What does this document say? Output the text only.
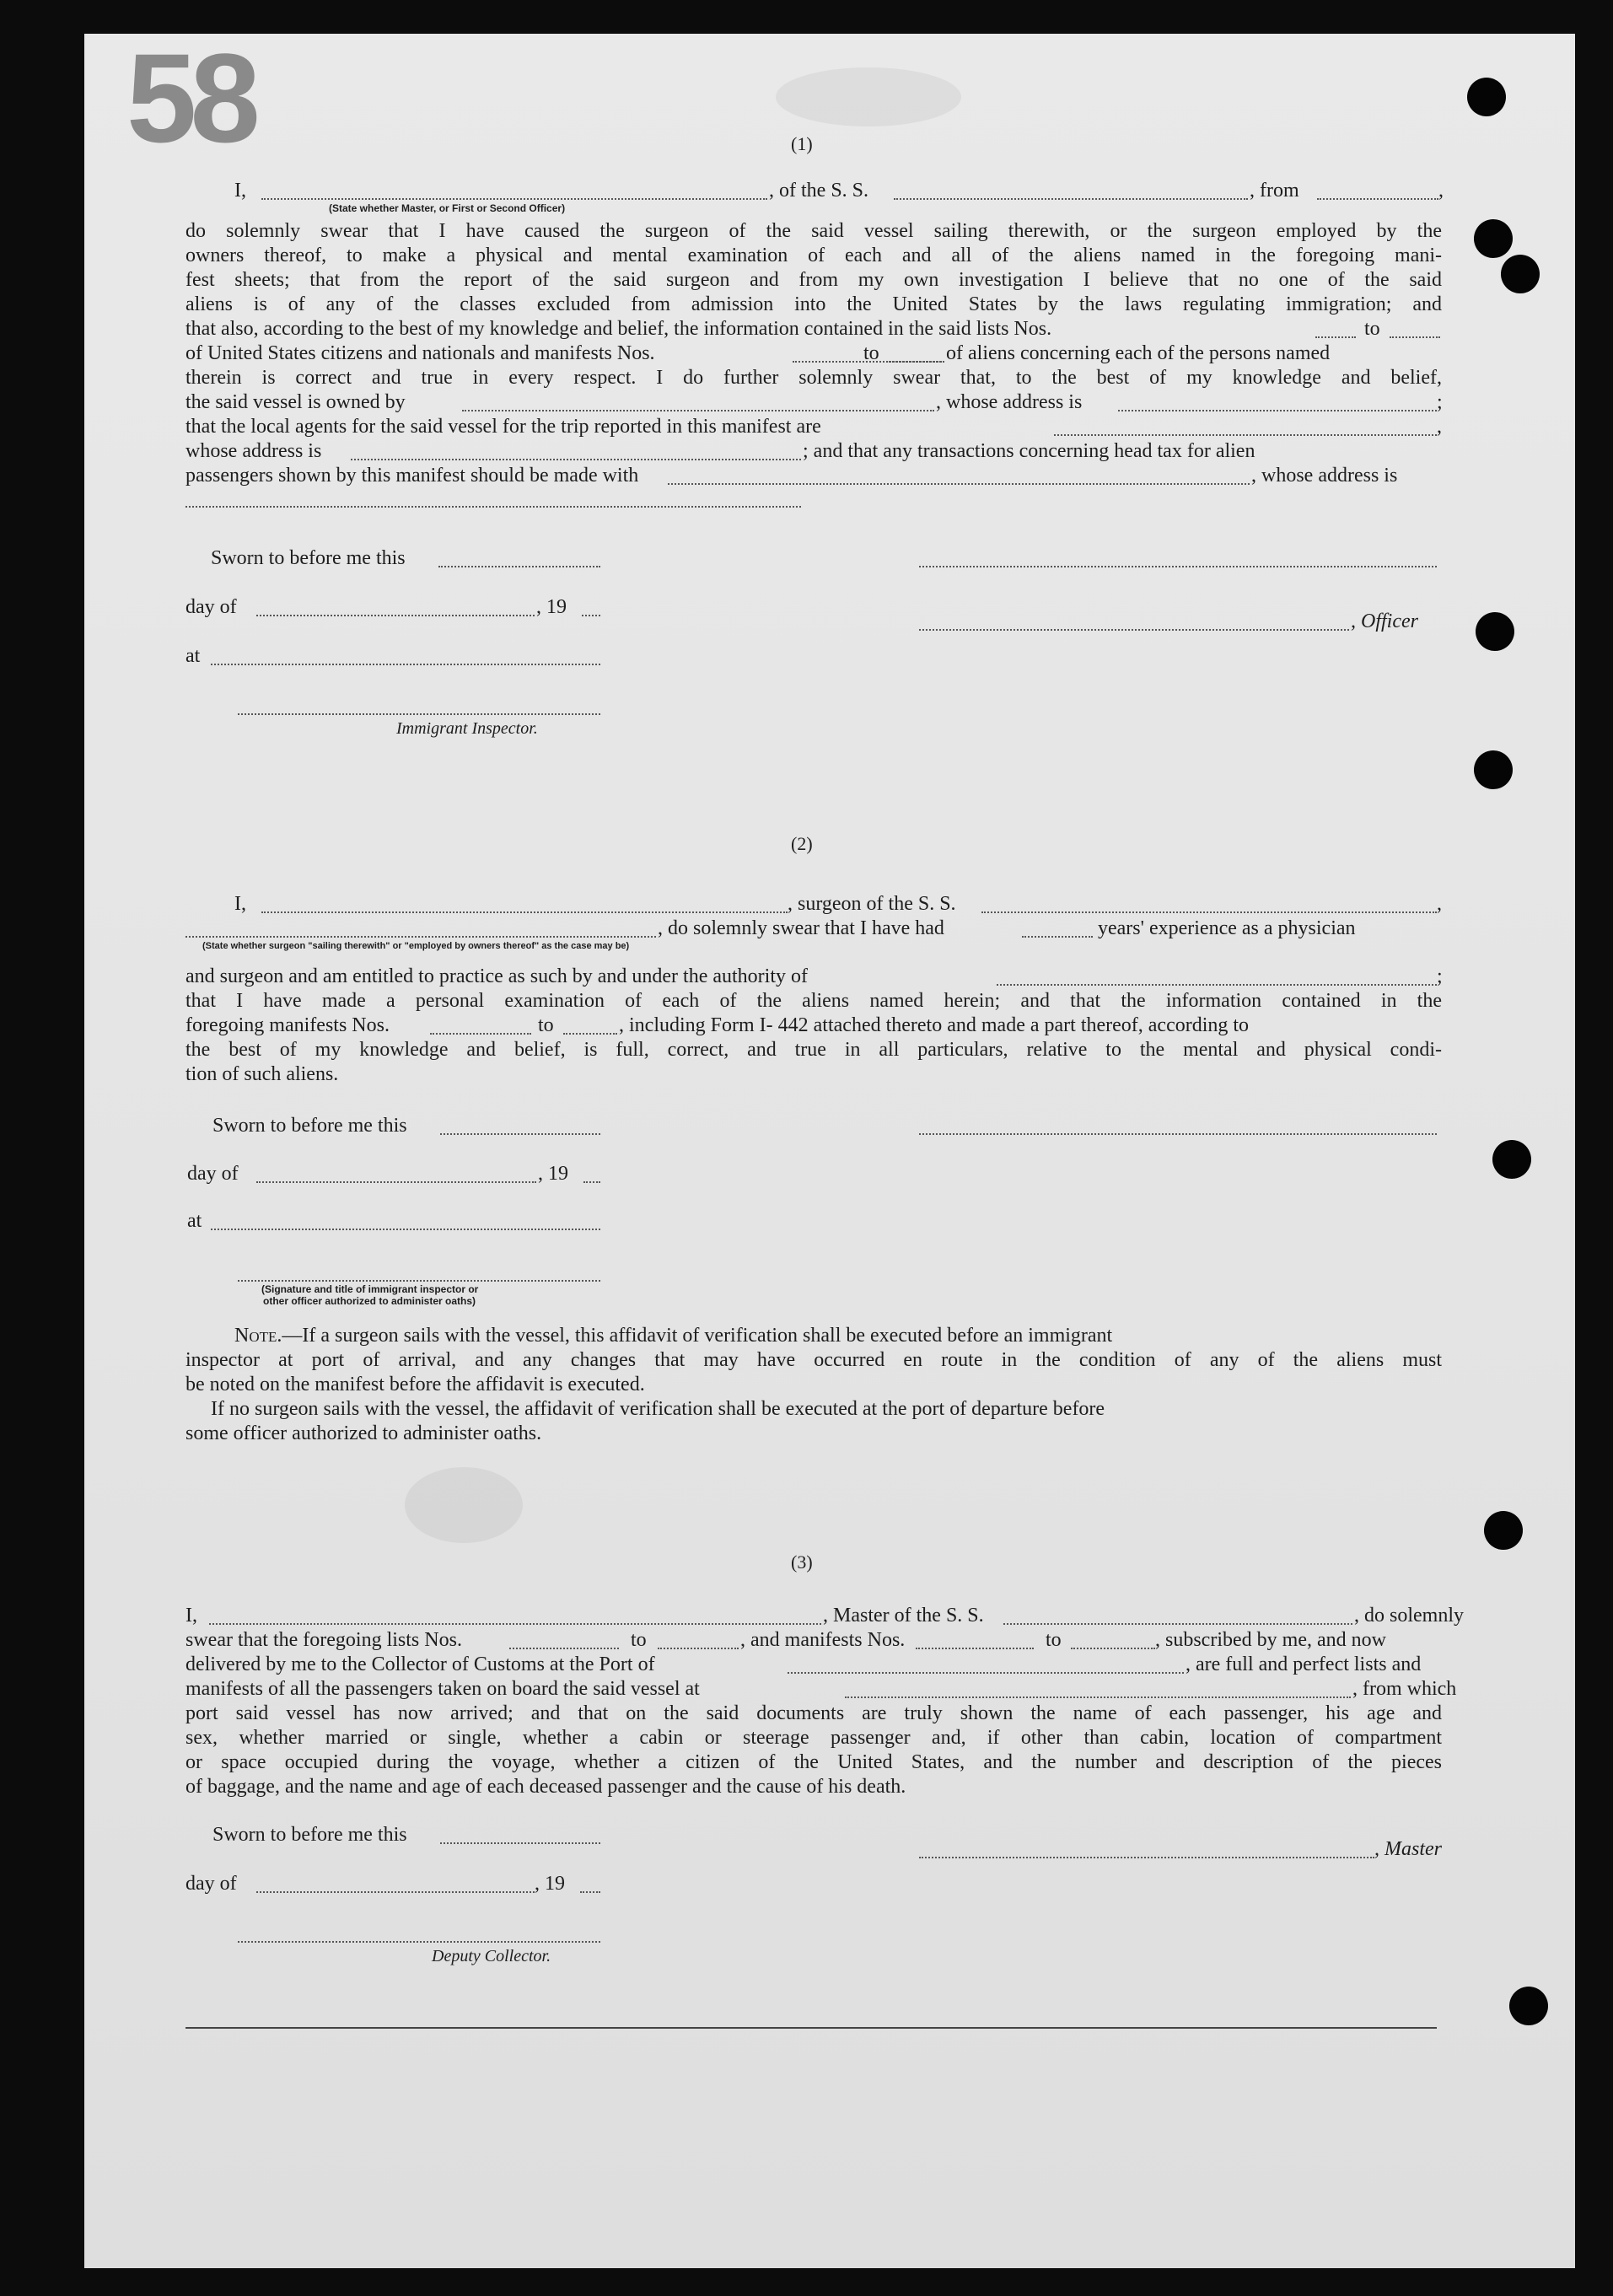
58	(1)
I,
(State whether Master, or First or Second Officer)
, of the S. S.	, from	,
do solemnly swear that I have caused the surgeon of the said vessel sailing therewith, or the surgeon employed by the
owners thereof, to make a physical and mental examination of each and all of the aliens named in the foregoing mani-
fest sheets; that from the report of the said surgeon and from my own investigation I believe that no one of the said
aliens is of any of the classes excluded from admission into the United States by the laws regulating immigration; and
that also, according to the best of my knowledge and belief, the information contained in the said lists Nos.	to
of United States citizens and nationals and manifests Nos.	to	of aliens concerning each of the persons named
therein is correct and true in every respect. I do further solemnly swear that, to the best of my knowledge and belief,
the said vessel is owned by	, whose address is	;
that the local agents for the said vessel for the trip reported in this manifest are	,
whose address is	; and that any transactions concerning head tax for alien
passengers shown by this manifest should be made with	, whose address is
Sworn to before me this
day of	, 19
, Officer
at
Immigrant Inspector.
(2)
I,	, surgeon of the S. S.	,
, do solemnly swear that I have had	years' experience as a physician
(State whether surgeon "sailing therewith" or "employed by owners thereof" as the case may be)
and surgeon and am entitled to practice as such by and under the authority of	;
that I have made a personal examination of each of the aliens named herein; and that the information contained in the
foregoing manifests Nos.	to	, including Form I- 442 attached thereto and made a part thereof, according to
the best of my knowledge and belief, is full, correct, and true in all particulars, relative to the mental and physical condi-
tion of such aliens.
Sworn to before me this
day of	, 19
at
(Signature and title of immigrant inspector or
other officer authorized to administer oaths)
Note.—If a surgeon sails with the vessel, this affidavit of verification shall be executed before an immigrant
inspector at port of arrival, and any changes that may have occurred en route in the condition of any of the aliens must
be noted on the manifest before the affidavit is executed.
If no surgeon sails with the vessel, the affidavit of verification shall be executed at the port of departure before
some officer authorized to administer oaths.
(3)
I,	, Master of the S. S.	, do solemnly
swear that the foregoing lists Nos.	to	, and manifests Nos.	to	, subscribed by me, and now
delivered by me to the Collector of Customs at the Port of	, are full and perfect lists and
manifests of all the passengers taken on board the said vessel at	, from which
port said vessel has now arrived; and that on the said documents are truly shown the name of each passenger, his age and
sex, whether married or single, whether a cabin or steerage passenger and, if other than cabin, location of compartment
or space occupied during the voyage, whether a citizen of the United States, and the number and description of the pieces
of baggage, and the name and age of each deceased passenger and the cause of his death.
Sworn to before me this
, Master
day of	, 19
Deputy Collector.
